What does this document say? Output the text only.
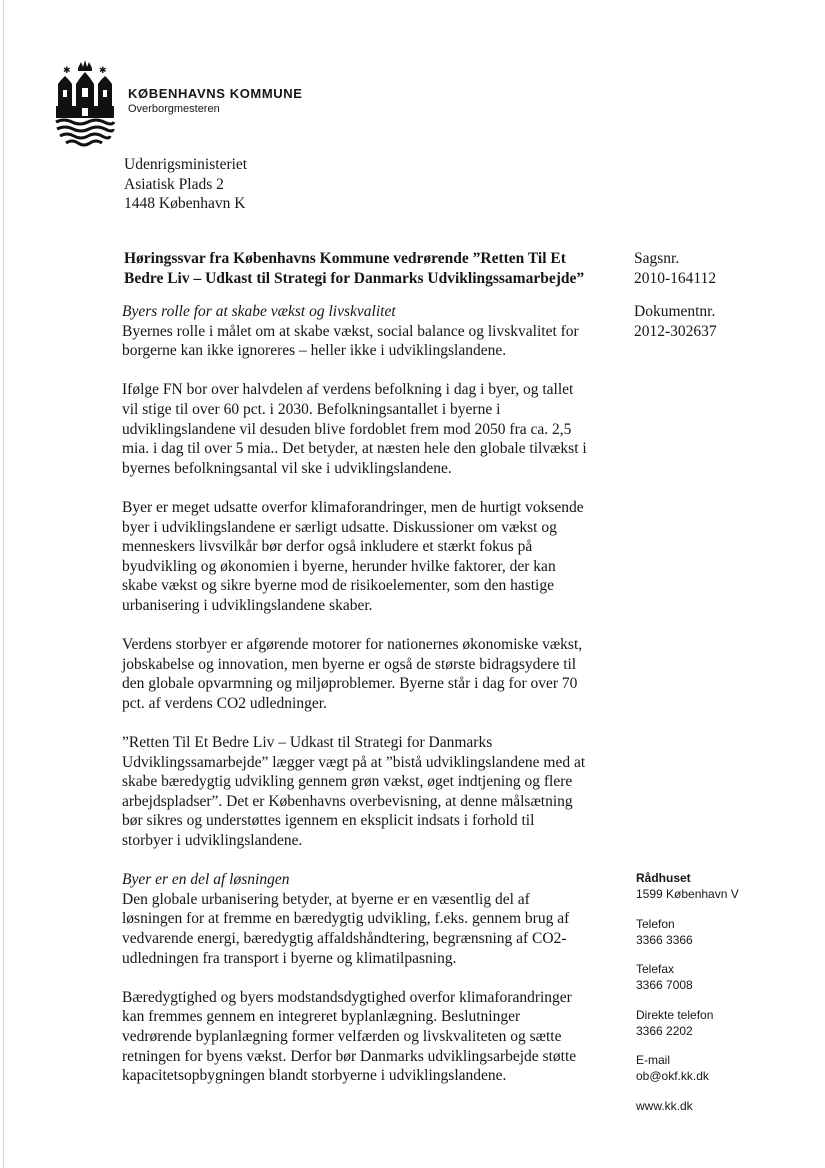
✱	✱
KØBENHAVNS KOMMUNE
Overborgmesteren
Udenrigsministeriet
Asiatisk Plads 2
1448 København K
Høringssvar fra Københavns Kommune vedrørende ”Retten Til Et
Bedre Liv – Udkast til Strategi for Danmarks Udviklingssamarbejde”
Sagsnr.
2010-164112
Dokumentnr.
2012-302637
Byers rolle for at skabe vækst og livskvalitet
Byernes rolle i målet om at skabe vækst, social balance og livskvalitet for
borgerne kan ikke ignoreres – heller ikke i udviklingslandene.
Ifølge FN bor over halvdelen af verdens befolkning i dag i byer, og tallet
vil stige til over 60 pct. i 2030. Befolkningsantallet i byerne i
udviklingslandene vil desuden blive fordoblet frem mod 2050 fra ca. 2,5
mia. i dag til over 5 mia.. Det betyder, at næsten hele den globale tilvækst i
byernes befolkningsantal vil ske i udviklingslandene.
Byer er meget udsatte overfor klimaforandringer, men de hurtigt voksende
byer i udviklingslandene er særligt udsatte. Diskussioner om vækst og
menneskers livsvilkår bør derfor også inkludere et stærkt fokus på
byudvikling og økonomien i byerne, herunder hvilke faktorer, der kan
skabe vækst og sikre byerne mod de risikoelementer, som den hastige
urbanisering i udviklingslandene skaber.
Verdens storbyer er afgørende motorer for nationernes økonomiske vækst,
jobskabelse og innovation, men byerne er også de største bidragsydere til
den globale opvarmning og miljøproblemer. Byerne står i dag for over 70
pct. af verdens CO2 udledninger.
”Retten Til Et Bedre Liv – Udkast til Strategi for Danmarks
Udviklingssamarbejde” lægger vægt på at ”bistå udviklingslandene med at
skabe bæredygtig udvikling gennem grøn vækst, øget indtjening og flere
arbejdspladser”. Det er Københavns overbevisning, at denne målsætning
bør sikres og understøttes igennem en eksplicit indsats i forhold til
storbyer i udviklingslandene.
Byer er en del af løsningen
Den globale urbanisering betyder, at byerne er en væsentlig del af
løsningen for at fremme en bæredygtig udvikling, f.eks. gennem brug af
vedvarende energi, bæredygtig affaldshåndtering, begrænsning af CO2-
udledningen fra transport i byerne og klimatilpasning.
Bæredygtighed og byers modstandsdygtighed overfor klimaforandringer
kan fremmes gennem en integreret byplanlægning. Beslutninger
vedrørende byplanlægning former velfærden og livskvaliteten og sætte
retningen for byens vækst. Derfor bør Danmarks udviklingsarbejde støtte
kapacitetsopbygningen blandt storbyerne i udviklingslandene.
Rådhuset
1599 København V
Telefon
3366 3366
Telefax
3366 7008
Direkte telefon
3366 2202
E-mail
ob@okf.kk.dk
www.kk.dk
